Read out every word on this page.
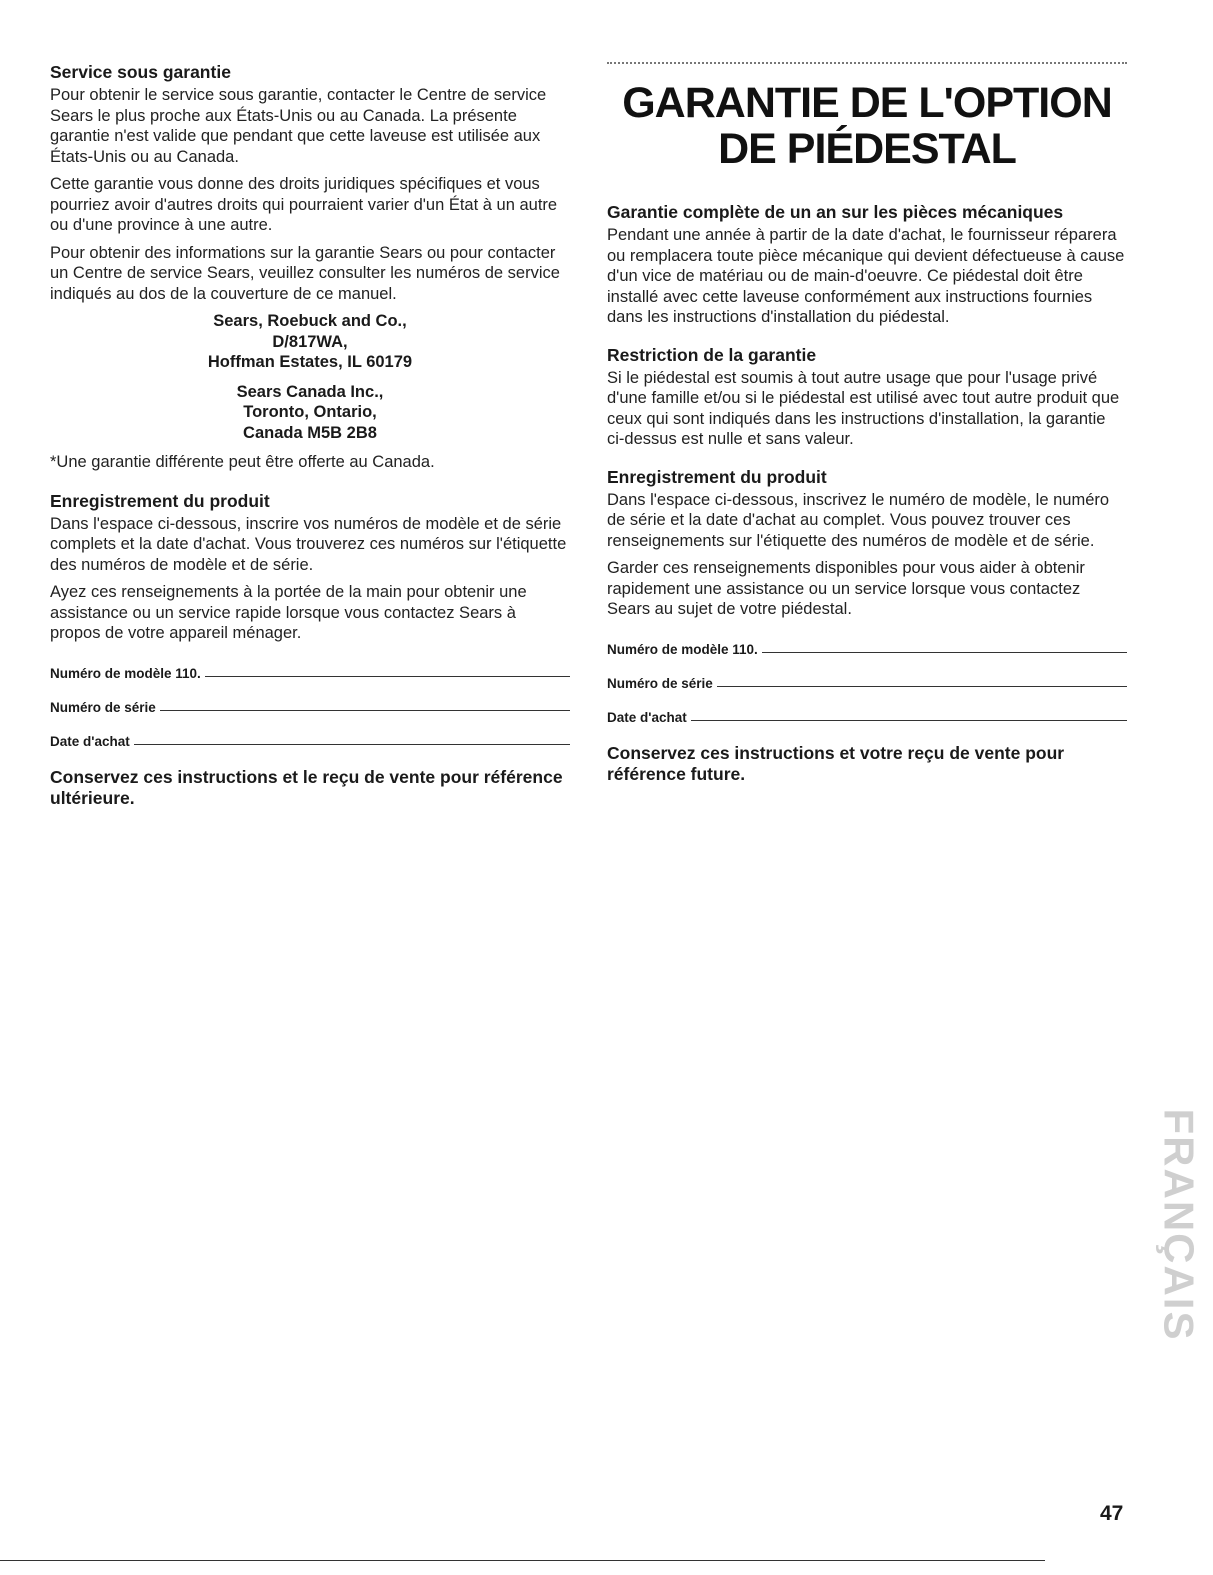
Service sous garantie

Pour obtenir le service sous garantie, contacter le Centre de service Sears le plus proche aux États-Unis ou au Canada. La présente garantie n'est valide que pendant que cette laveuse est utilisée aux États-Unis ou au Canada.

Cette garantie vous donne des droits juridiques spécifiques et vous pourriez avoir d'autres droits qui pourraient varier d'un État à un autre ou d'une province à une autre.

Pour obtenir des informations sur la garantie Sears ou pour contacter un Centre de service Sears, veuillez consulter les numéros de service indiqués au dos de la couverture de ce manuel.

Sears, Roebuck and Co.,
D/817WA,
Hoffman Estates, IL 60179
Sears Canada Inc.,
Toronto, Ontario,
Canada M5B 2B8

*Une garantie différente peut être offerte au Canada.

Enregistrement du produit

Dans l'espace ci-dessous, inscrire vos numéros de modèle et de série complets et la date d'achat. Vous trouverez ces numéros sur l'étiquette des numéros de modèle et de série.

Ayez ces renseignements à la portée de la main pour obtenir une assistance ou un service rapide lorsque vous contactez Sears à propos de votre appareil ménager.

Numéro de modèle 110.
Numéro de série
Date d'achat
Conservez ces instructions et le reçu de vente pour référence ultérieure.
GARANTIE DE L'OPTION DE PIÉDESTAL
Garantie complète de un an sur les pièces mécaniques

Pendant une année à partir de la date d'achat, le fournisseur réparera ou remplacera toute pièce mécanique qui devient défectueuse à cause d'un vice de matériau ou de main-d'oeuvre. Ce piédestal doit être installé avec cette laveuse conformément aux instructions fournies dans les instructions d'installation du piédestal.

Restriction de la garantie

Si le piédestal est soumis à tout autre usage que pour l'usage privé d'une famille et/ou si le piédestal est utilisé avec tout autre produit que ceux qui sont indiqués dans les instructions d'installation, la garantie ci-dessus est nulle et sans valeur.

Enregistrement du produit

Dans l'espace ci-dessous, inscrivez le numéro de modèle, le numéro de série et la date d'achat au complet. Vous pouvez trouver ces renseignements sur l'étiquette des numéros de modèle et de série.

Garder ces renseignements disponibles pour vous aider à obtenir rapidement une assistance ou un service lorsque vous contactez Sears au sujet de votre piédestal.

Numéro de modèle 110.
Numéro de série
Date d'achat
Conservez ces instructions et votre reçu de vente pour référence future.
FRANÇAIS
47
